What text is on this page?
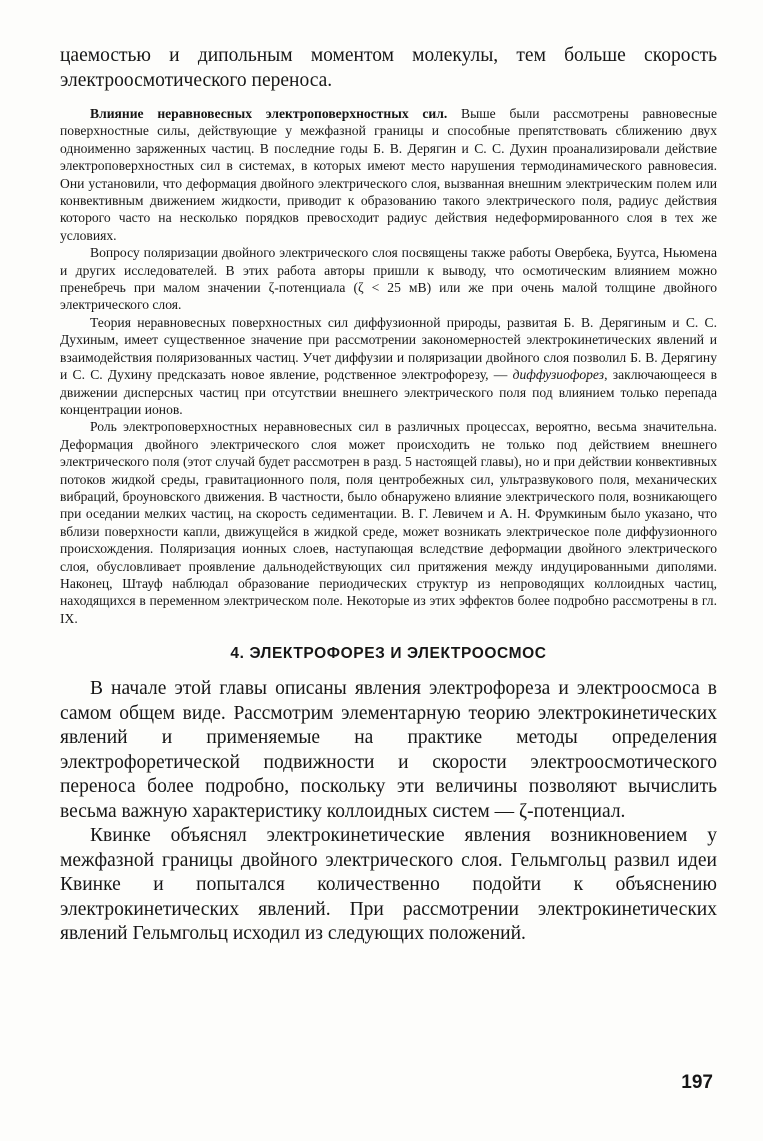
цаемостью и дипольным моментом молекулы, тем больше скорость электроосмотического переноса.

Влияние неравновесных электроповерхностных сил. Выше были рассмотрены равновесные поверхностные силы, действующие у межфазной границы и способные препятствовать сближению двух одноименно заряженных частиц. В последние годы Б. В. Дерягин и С. С. Духин проанализировали действие электроповерхностных сил в системах, в которых имеют место нарушения термодинамического равновесия. Они установили, что деформация двойного электрического слоя, вызванная внешним электрическим полем или конвективным движением жидкости, приводит к образованию такого электрического поля, радиус действия которого часто на несколько порядков превосходит радиус действия недеформированного слоя в тех же условиях.

Вопросу поляризации двойного электрического слоя посвящены также работы Овербека, Буутса, Ньюмена и других исследователей. В этих работа авторы пришли к выводу, что осмотическим влиянием можно пренебречь при малом значении ζ-потенциала (ζ < 25 мВ) или же при очень малой толщине двойного электрического слоя.

Теория неравновесных поверхностных сил диффузионной природы, развитая Б. В. Дерягиным и С. С. Духиным, имеет существенное значение при рассмотрении закономерностей электрокинетических явлений и взаимодействия поляризованных частиц. Учет диффузии и поляризации двойного слоя позволил Б. В. Дерягину и С. С. Духину предсказать новое явление, родственное электрофорезу, — диффузиофорез, заключающееся в движении дисперсных частиц при отсутствии внешнего электрического поля под влиянием только перепада концентрации ионов.

Роль электроповерхностных неравновесных сил в различных процессах, вероятно, весьма значительна. Деформация двойного электрического слоя может происходить не только под действием внешнего электрического поля (этот случай будет рассмотрен в разд. 5 настоящей главы), но и при действии конвективных потоков жидкой среды, гравитационного поля, поля центробежных сил, ультразвукового поля, механических вибраций, броуновского движения. В частности, было обнаружено влияние электрического поля, возникающего при оседании мелких частиц, на скорость седиментации. В. Г. Левичем и А. Н. Фрумкиным было указано, что вблизи поверхности капли, движущейся в жидкой среде, может возникать электрическое поле диффузионного происхождения. Поляризация ионных слоев, наступающая вследствие деформации двойного электрического слоя, обусловливает проявление дальнодействующих сил притяжения между индуцированными диполями. Наконец, Штауф наблюдал образование периодических структур из непроводящих коллоидных частиц, находящихся в переменном электрическом поле. Некоторые из этих эффектов более подробно рассмотрены в гл. IX.

4. ЭЛЕКТРОФОРЕЗ И ЭЛЕКТРООСМОС

В начале этой главы описаны явления электрофореза и электроосмоса в самом общем виде. Рассмотрим элементарную теорию электрокинетических явлений и применяемые на практике методы определения электрофоретической подвижности и скорости электроосмотического переноса более подробно, поскольку эти величины позволяют вычислить весьма важную характеристику коллоидных систем — ζ-потенциал.

Квинке объяснял электрокинетические явления возникновением у межфазной границы двойного электрического слоя. Гельмгольц развил идеи Квинке и попытался количественно подойти к объяснению электрокинетических явлений. При рассмотрении электрокинетических явлений Гельмгольц исходил из следующих положений.

197
